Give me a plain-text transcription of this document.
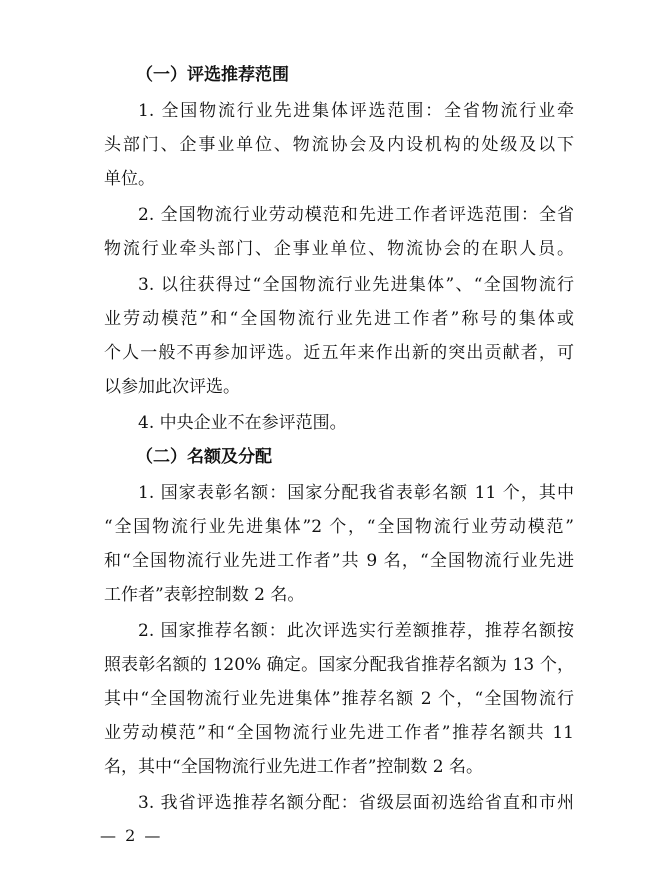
（一）评选推荐范围
1. 全国物流行业先进集体评选范围：全省物流行业牵
头部门、企事业单位、物流协会及内设机构的处级及以下
单位。
2. 全国物流行业劳动模范和先进工作者评选范围：全省
物流行业牵头部门、企事业单位、物流协会的在职人员。
3. 以往获得过“全国物流行业先进集体”、“全国物流行
业劳动模范”和“全国物流行业先进工作者”称号的集体或
个人一般不再参加评选。近五年来作出新的突出贡献者，可
以参加此次评选。
4. 中央企业不在参评范围。
（二）名额及分配
1. 国家表彰名额：国家分配我省表彰名额 11 个，其中
“全国物流行业先进集体”2 个，“全国物流行业劳动模范”
和“全国物流行业先进工作者”共 9 名，“全国物流行业先进
工作者”表彰控制数 2 名。
2. 国家推荐名额：此次评选实行差额推荐，推荐名额按
照表彰名额的 120% 确定。国家分配我省推荐名额为 13 个，
其中“全国物流行业先进集体”推荐名额 2 个，“全国物流行
业劳动模范”和“全国物流行业先进工作者”推荐名额共 11
名，其中“全国物流行业先进工作者”控制数 2 名。
3. 我省评选推荐名额分配：省级层面初选给省直和市州
— 2 —
